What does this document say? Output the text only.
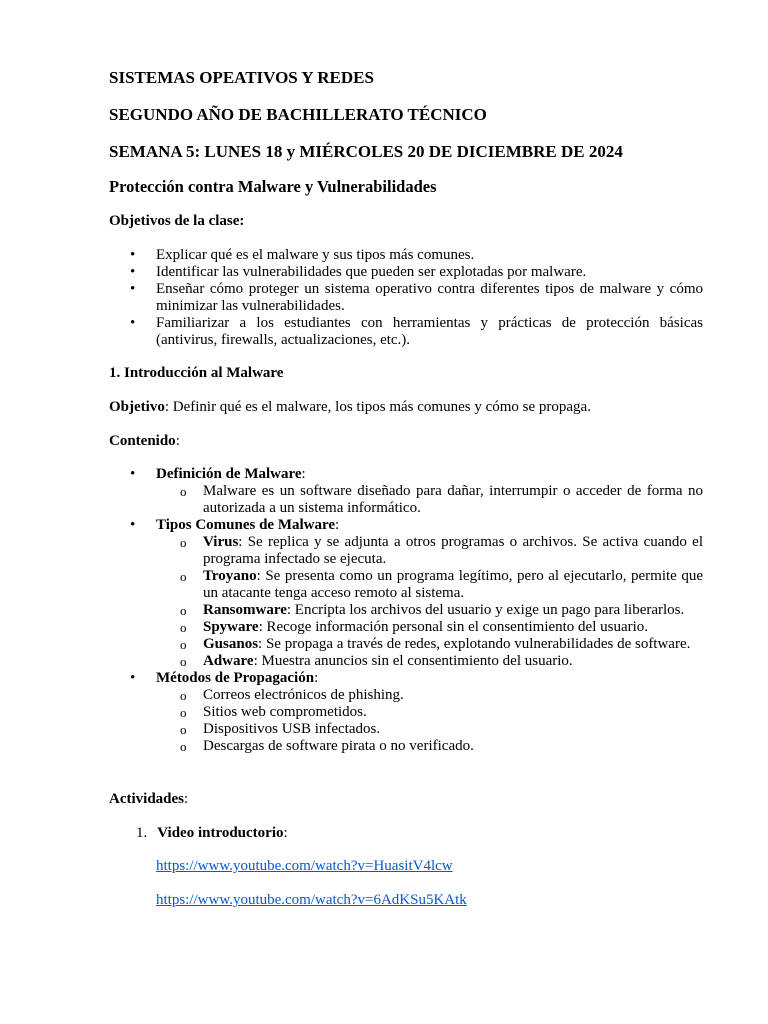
SISTEMAS OPEATIVOS Y REDES

SEGUNDO AÑO DE BACHILLERATO TÉCNICO

SEMANA 5: LUNES 18 y MIÉRCOLES 20 DE DICIEMBRE DE 2024

Protección contra Malware y Vulnerabilidades

Objetivos de la clase:

• Explicar qué es el malware y sus tipos más comunes.
• Identificar las vulnerabilidades que pueden ser explotadas por malware.
• Enseñar cómo proteger un sistema operativo contra diferentes tipos de malware y cómo minimizar las vulnerabilidades.
• Familiarizar a los estudiantes con herramientas y prácticas de protección básicas (antivirus, firewalls, actualizaciones, etc.).

1. Introducción al Malware

Objetivo: Definir qué es el malware, los tipos más comunes y cómo se propaga.

Contenido:

• Definición de Malware:
o Malware es un software diseñado para dañar, interrumpir o acceder de forma no autorizada a un sistema informático.
• Tipos Comunes de Malware:
o Virus: Se replica y se adjunta a otros programas o archivos. Se activa cuando el programa infectado se ejecuta.
o Troyano: Se presenta como un programa legítimo, pero al ejecutarlo, permite que un atacante tenga acceso remoto al sistema.
o Ransomware: Encripta los archivos del usuario y exige un pago para liberarlos.
o Spyware: Recoge información personal sin el consentimiento del usuario.
o Gusanos: Se propaga a través de redes, explotando vulnerabilidades de software.
o Adware: Muestra anuncios sin el consentimiento del usuario.
• Métodos de Propagación:
o Correos electrónicos de phishing.
o Sitios web comprometidos.
o Dispositivos USB infectados.
o Descargas de software pirata o no verificado.

Actividades:

1. Video introductorio:

https://www.youtube.com/watch?v=HuasitV4lcw
https://www.youtube.com/watch?v=6AdKSu5KAtk
